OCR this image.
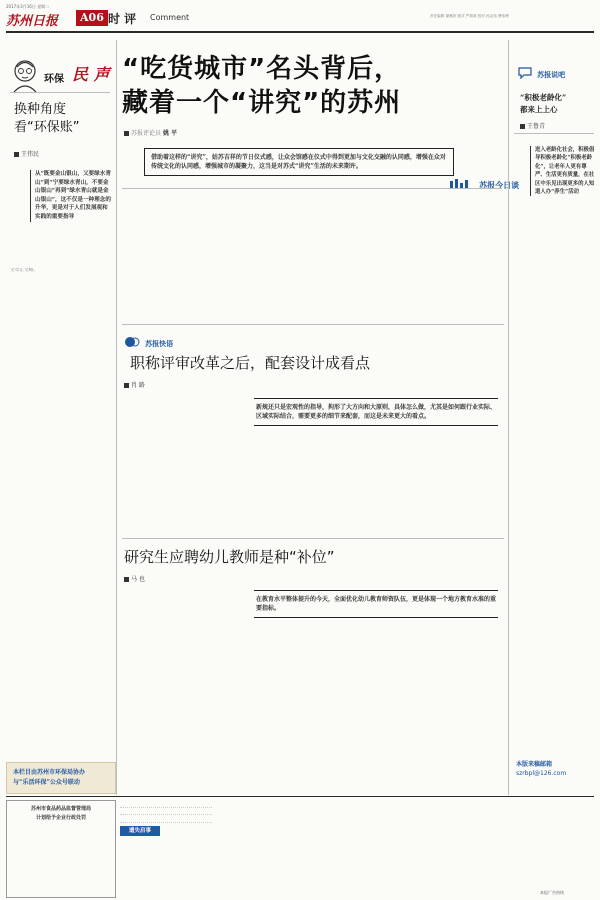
2017年3月16日 星期二
苏州日报	A06 时 评 Comment	责任编辑 谢雅欣 版式 严莉莉 校对 孙志伟 曹伟博
环保 民 声
换种角度
看“环保账”
王伟民
从“既要金山银山，又要绿水青山”到“宁要绿水青山，不要金山银山”再到“绿水青山就是金山银山”，这不仅是一种理念的升华，更是对于人们发展观和实践的重要指导
文章正文略。
本栏目由苏州市环保局协办
与“乐活环保”公众号联动
“吃货城市”名头背后，
藏着一个“讲究”的苏州
苏报评论员 姚 平
借助着这样的“讲究”，姑苏吉祥的节日仪式感，让众会馆感在仪式中得到更加与文化交融的认同感，增强在众对传统文化的认同感，增强城市的凝聚力，这当是对苏式“讲究”生活的未来期许。
苏报今日谈
苏报说吧
“积极老龄化”
都来上上心
王鲁青
进入老龄化社会，积极倡导积极老龄化“积极老龄化”，让老年人更有尊严、生活更有质量，在社区中乐见出现更多的人知道人办“养生”活动
本版来稿邮箱
szrbpl@126.com
苏报快语
职称评审改革之后，配套设计成看点
肖 路
新规还只是宏观性的指导，拘形了大方向和大原则，具体怎么做，尤其是如何跟行业实际、区域实际结合，需要更多的细节来配套，而这是未来更大的看点。
研究生应聘幼儿教师是种“补位”
马 也
在教育水平整体提升的今天，全面优化幼儿教育师资队伍，更是体现一个地方教育水准的重要指标。
苏州市食品药品监督管理局
计划给予企业行政处罚
遗失启事
本报广告热线
